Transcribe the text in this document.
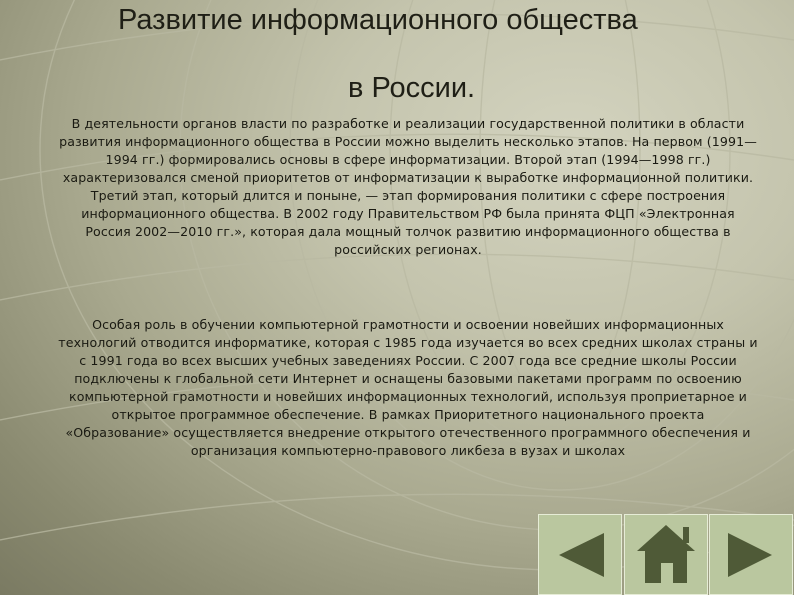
Развитие информационного общества
в России.

В деятельности органов власти по разработке и реализации государственной политики в области развития информационного общества в России можно выделить несколько этапов. На первом (1991—1994 гг.) формировались основы в сфере информатизации. Второй этап (1994—1998 гг.) характеризовался сменой приоритетов от информатизации к выработке информационной политики. Третий этап, который длится и поныне, — этап формирования политики с сфере построения информационного общества. В 2002 году Правительством РФ была принята ФЦП «Электронная Россия 2002—2010 гг.», которая дала мощный толчок развитию информационного общества в российских регионах.

Особая роль в обучении компьютерной грамотности и освоении новейших информационных технологий отводится информатике, которая с 1985 года изучается во всех средних школах страны и с 1991 года во всех высших учебных заведениях России. С 2007 года все средние школы России подключены к глобальной сети Интернет и оснащены базовыми пакетами программ по освоению компьютерной грамотности и новейших информационных технологий, используя проприетарное и открытое программное обеспечение. В рамках Приоритетного национального проекта «Образование» осуществляется внедрение открытого отечественного программного обеспечения и организация компьютерно-правового ликбеза в вузах и школах
